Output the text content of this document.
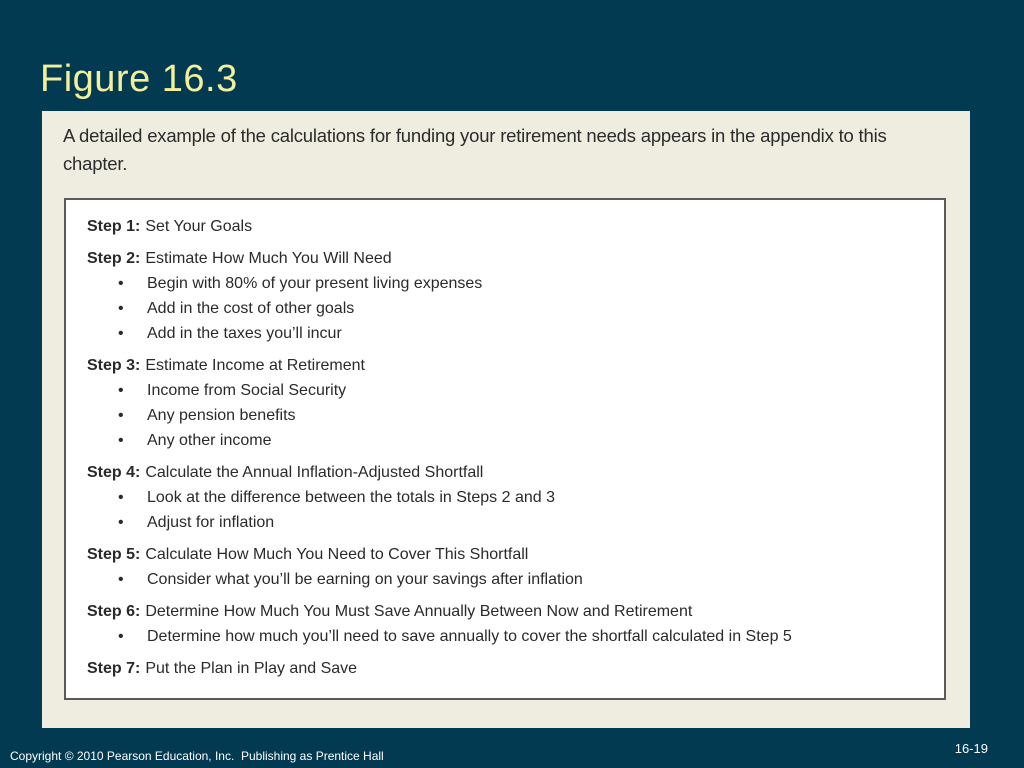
Figure 16.3
A detailed example of the calculations for funding your retirement needs appears in the appendix to this chapter.
Step 1: Set Your Goals
Step 2: Estimate How Much You Will Need
• Begin with 80% of your present living expenses
• Add in the cost of other goals
• Add in the taxes you’ll incur
Step 3: Estimate Income at Retirement
• Income from Social Security
• Any pension benefits
• Any other income
Step 4: Calculate the Annual Inflation-Adjusted Shortfall
• Look at the difference between the totals in Steps 2 and 3
• Adjust for inflation
Step 5: Calculate How Much You Need to Cover This Shortfall
• Consider what you’ll be earning on your savings after inflation
Step 6: Determine How Much You Must Save Annually Between Now and Retirement
• Determine how much you’ll need to save annually to cover the shortfall calculated in Step 5
Step 7: Put the Plan in Play and Save
Copyright © 2010 Pearson Education, Inc.  Publishing as Prentice Hall	16-19
